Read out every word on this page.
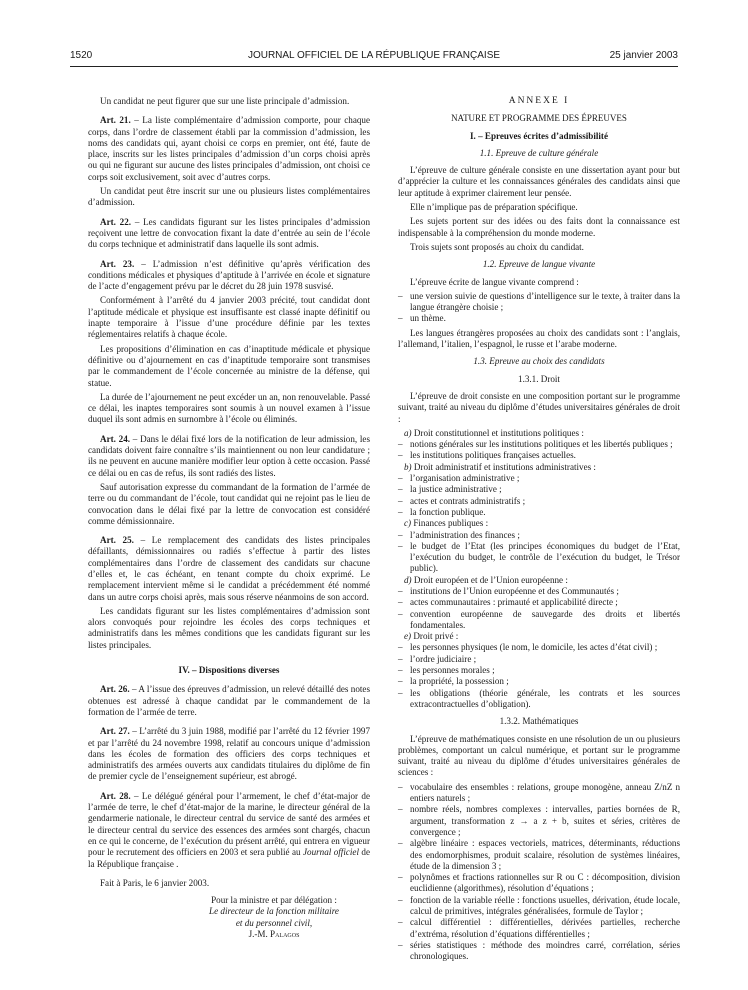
1520	JOURNAL OFFICIEL DE LA RÉPUBLIQUE FRANÇAISE	25 janvier 2003

Un candidat ne peut figurer que sur une liste principale d’admission.

Art. 21. – La liste complémentaire d’admission comporte, pour chaque corps, dans l’ordre de classement établi par la commission d’admission, les noms des candidats qui, ayant choisi ce corps en premier, ont été, faute de place, inscrits sur les listes principales d’admission d’un corps choisi après ou qui ne figurant sur aucune des listes principales d’admission, ont choisi ce corps soit exclusivement, soit avec d’autres corps.

Un candidat peut être inscrit sur une ou plusieurs listes complémentaires d’admission.

Art. 22. – Les candidats figurant sur les listes principales d’admission reçoivent une lettre de convocation fixant la date d’entrée au sein de l’école du corps technique et administratif dans laquelle ils sont admis.

Art. 23. – L’admission n’est définitive qu’après vérification des conditions médicales et physiques d’aptitude à l’arrivée en école et signature de l’acte d’engagement prévu par le décret du 28 juin 1978 susvisé.

Conformément à l’arrêté du 4 janvier 2003 précité, tout candidat dont l’aptitude médicale et physique est insuffisante est classé inapte définitif ou inapte temporaire à l’issue d’une procédure définie par les textes réglementaires relatifs à chaque école.

Les propositions d’élimination en cas d’inaptitude médicale et physique définitive ou d’ajournement en cas d’inaptitude temporaire sont transmises par le commandement de l’école concernée au ministre de la défense, qui statue.

La durée de l’ajournement ne peut excéder un an, non renouvelable. Passé ce délai, les inaptes temporaires sont soumis à un nouvel examen à l’issue duquel ils sont admis en surnombre à l’école ou éliminés.

Art. 24. – Dans le délai fixé lors de la notification de leur admission, les candidats doivent faire connaître s’ils maintiennent ou non leur candidature ; ils ne peuvent en aucune manière modifier leur option à cette occasion. Passé ce délai ou en cas de refus, ils sont radiés des listes.

Sauf autorisation expresse du commandant de la formation de l’armée de terre ou du commandant de l’école, tout candidat qui ne rejoint pas le lieu de convocation dans le délai fixé par la lettre de convocation est considéré comme démissionnaire.

Art. 25. – Le remplacement des candidats des listes principales défaillants, démissionnaires ou radiés s’effectue à partir des listes complémentaires dans l’ordre de classement des candidats sur chacune d’elles et, le cas échéant, en tenant compte du choix exprimé. Le remplacement intervient même si le candidat a précédemment été nommé dans un autre corps choisi après, mais sous réserve néanmoins de son accord.

Les candidats figurant sur les listes complémentaires d’admission sont alors convoqués pour rejoindre les écoles des corps techniques et administratifs dans les mêmes conditions que les candidats figurant sur les listes principales.

IV. – Dispositions diverses

Art. 26. – A l’issue des épreuves d’admission, un relevé détaillé des notes obtenues est adressé à chaque candidat par le commandement de la formation de l’armée de terre.

Art. 27. – L’arrêté du 3 juin 1988, modifié par l’arrêté du 12 février 1997 et par l’arrêté du 24 novembre 1998, relatif au concours unique d’admission dans les écoles de formation des officiers des corps techniques et administratifs des armées ouverts aux candidats titulaires du diplôme de fin de premier cycle de l’enseignement supérieur, est abrogé.

Art. 28. – Le délégué général pour l’armement, le chef d’état-major de l’armée de terre, le chef d’état-major de la marine, le directeur général de la gendarmerie nationale, le directeur central du service de santé des armées et le directeur central du service des essences des armées sont chargés, chacun en ce qui le concerne, de l’exécution du présent arrêté, qui entrera en vigueur pour le recrutement des officiers en 2003 et sera publié au Journal officiel de la République française .

Fait à Paris, le 6 janvier 2003.

Pour la ministre et par délégation :

Le directeur de la fonction militaire

et du personnel civil,

J.-M. Palagos

ANNEXE I

NATURE ET PROGRAMME DES ÉPREUVES

I. – Epreuves écrites d’admissibilité

1.1. Epreuve de culture générale

L’épreuve de culture générale consiste en une dissertation ayant pour but d’apprécier la culture et les connaissances générales des candidats ainsi que leur aptitude à exprimer clairement leur pensée.

Elle n’implique pas de préparation spécifique.

Les sujets portent sur des idées ou des faits dont la connaissance est indispensable à la compréhension du monde moderne.

Trois sujets sont proposés au choix du candidat.

1.2. Epreuve de langue vivante

L’épreuve écrite de langue vivante comprend :

– une version suivie de questions d’intelligence sur le texte, à traiter dans la langue étrangère choisie ;

– un thème.

Les langues étrangères proposées au choix des candidats sont : l’anglais, l’allemand, l’italien, l’espagnol, le russe et l’arabe moderne.

1.3. Epreuve au choix des candidats

1.3.1. Droit

L’épreuve de droit consiste en une composition portant sur le programme suivant, traité au niveau du diplôme d’études universitaires générales de droit :

a) Droit constitutionnel et institutions politiques :

– notions générales sur les institutions politiques et les libertés publiques ;

– les institutions politiques françaises actuelles.

b) Droit administratif et institutions administratives :

– l’organisation administrative ;

– la justice administrative ;

– actes et contrats administratifs ;

– la fonction publique.

c) Finances publiques :

– l’administration des finances ;

– le budget de l’Etat (les principes économiques du budget de l’Etat, l’exécution du budget, le contrôle de l’exécution du budget, le Trésor public).

d) Droit européen et de l’Union européenne :

– institutions de l’Union européenne et des Communautés ;

– actes communautaires : primauté et applicabilité directe ;

– convention européenne de sauvegarde des droits et libertés fondamentales.

e) Droit privé :

– les personnes physiques (le nom, le domicile, les actes d’état civil) ;

– l’ordre judiciaire ;

– les personnes morales ;

– la propriété, la possession ;

– les obligations (théorie générale, les contrats et les sources extracontractuelles d’obligation).

1.3.2. Mathématiques

L’épreuve de mathématiques consiste en une résolution de un ou plusieurs problèmes, comportant un calcul numérique, et portant sur le programme suivant, traité au niveau du diplôme d’études universitaires générales de sciences :

– vocabulaire des ensembles : relations, groupe monogène, anneau Z/nZ n entiers naturels ;

– nombre réels, nombres complexes : intervalles, parties bornées de R, argument, transformation z → a z + b, suites et séries, critères de convergence ;

– algèbre linéaire : espaces vectoriels, matrices, déterminants, réductions des endomorphismes, produit scalaire, résolution de systèmes linéaires, étude de la dimension 3 ;

– polynômes et fractions rationnelles sur R ou C : décomposition, division euclidienne (algorithmes), résolution d’équations ;

– fonction de la variable réelle : fonctions usuelles, dérivation, étude locale, calcul de primitives, intégrales généralisées, formule de Taylor ;

– calcul différentiel : différentielles, dérivées partielles, recherche d’extréma, résolution d’équations différentielles ;

– séries statistiques : méthode des moindres carré, corrélation, séries chronologiques.
